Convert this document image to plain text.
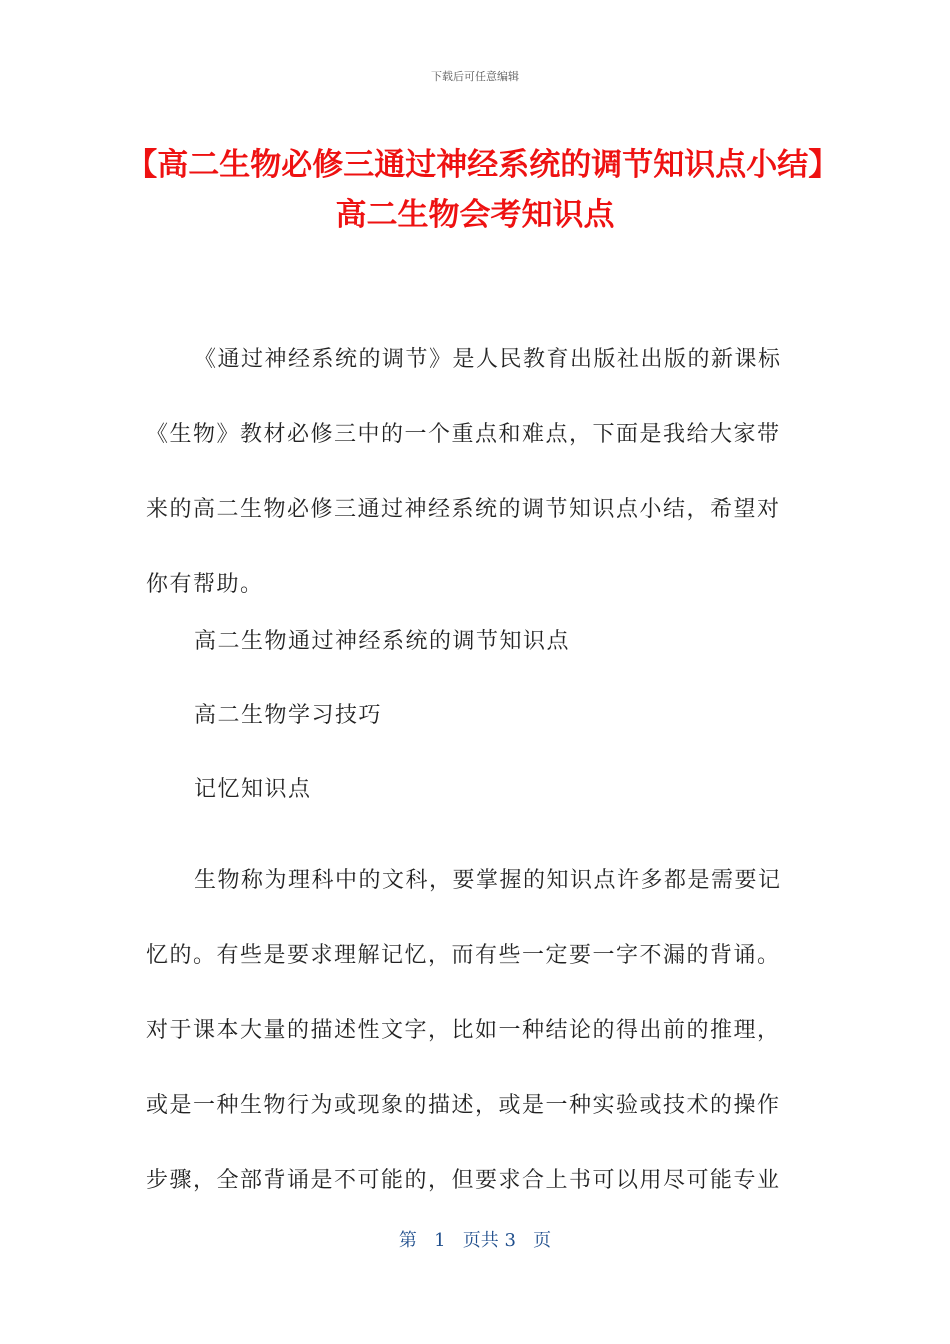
下载后可任意编辑
【高二生物必修三通过神经系统的调节知识点小结】高二生物会考知识点

《通过神经系统的调节》是人民教育出版社出版的新课标《生物》教材必修三中的一个重点和难点，下面是我给大家带来的高二生物必修三通过神经系统的调节知识点小结，希望对你有帮助。

高二生物通过神经系统的调节知识点

高二生物学习技巧

记忆知识点

生物称为理科中的文科，要掌握的知识点许多都是需要记忆的。有些是要求理解记忆，而有些一定要一字不漏的背诵。对于课本大量的描述性文字，比如一种结论的得出前的推理，或是一种生物行为或现象的描述，或是一种实验或技术的操作步骤，全部背诵是不可能的，但要求合上书可以用尽可能专业

第 1 页共 3 页
